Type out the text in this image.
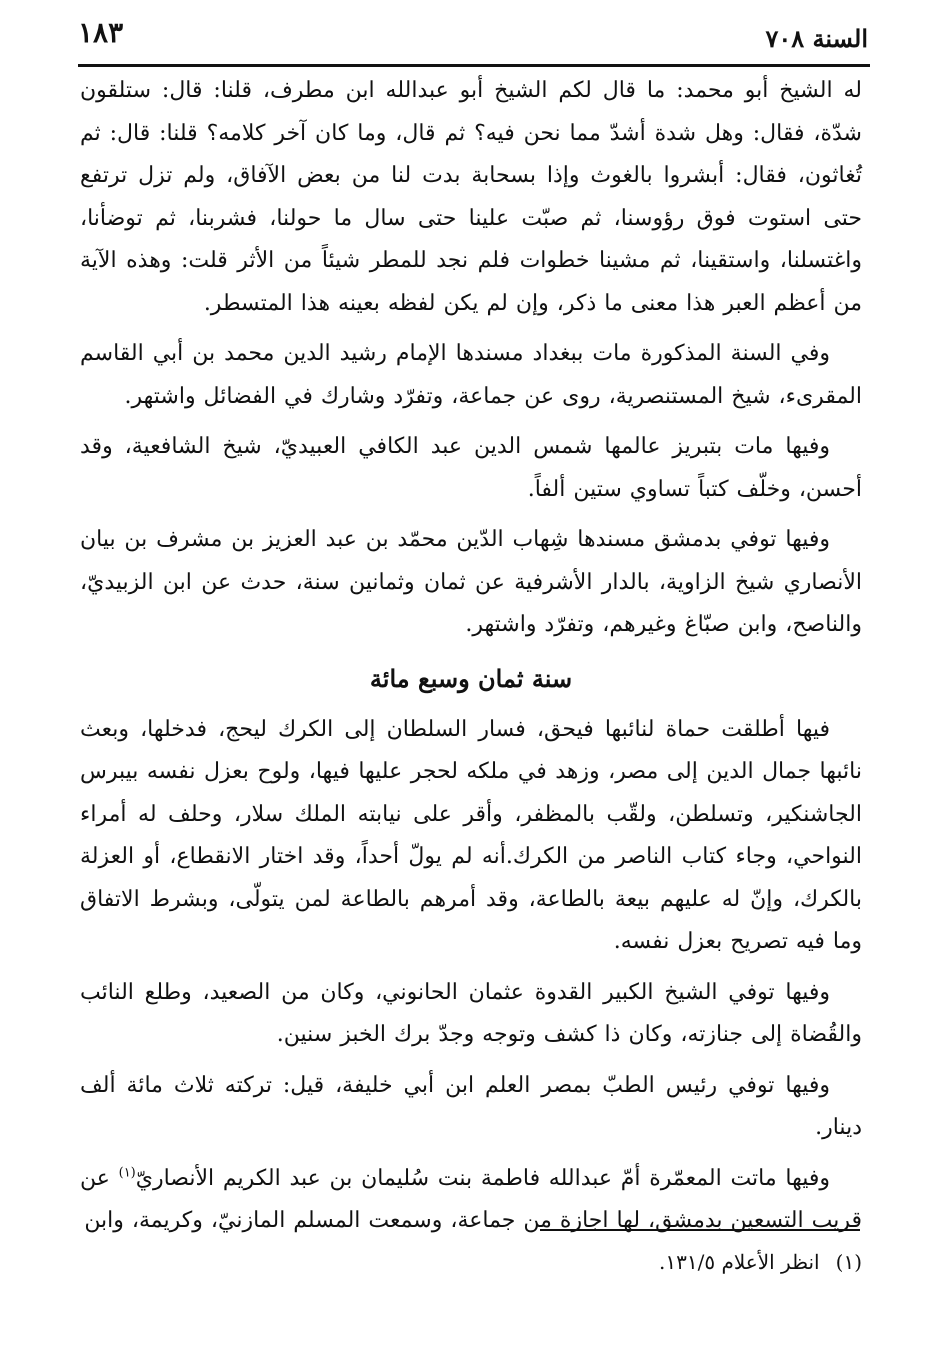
السنة ٧٠٨
١٨٣

له الشيخ أبو محمد: ما قال لكم الشيخ أبو عبدالله ابن مطرف، قلنا: قال: ستلقون شدّة، فقال: وهل شدة أشدّ مما نحن فيه؟ ثم قال، وما كان آخر كلامه؟ قلنا: قال: ثم تُغاثون، فقال: أبشروا بالغوث وإذا بسحابة بدت لنا من بعض الآفاق، ولم تزل ترتفع حتى استوت فوق رؤوسنا، ثم صبّت علينا حتى سال ما حولنا، فشربنا، ثم توضأنا، واغتسلنا، واستقينا، ثم مشينا خطوات فلم نجد للمطر شيئاً من الأثر قلت: وهذه الآية من أعظم العبر هذا معنى ما ذكر، وإن لم يكن لفظه بعينه هذا المتسطر.

وفي السنة المذكورة مات ببغداد مسندها الإمام رشيد الدين محمد بن أبي القاسم المقرىء، شيخ المستنصرية، روى عن جماعة، وتفرّد وشارك في الفضائل واشتهر.

وفيها مات بتبريز عالمها شمس الدين عبد الكافي العبيديّ، شيخ الشافعية، وقد أحسن، وخلّف كتباً تساوي ستين ألفاً.

وفيها توفي بدمشق مسندها شِهاب الدّين محمّد بن عبد العزيز بن مشرف بن بيان الأنصاري شيخ الزاوية، بالدار الأشرفية عن ثمان وثمانين سنة، حدث عن ابن الزبيديّ، والناصح، وابن صبّاغ وغيرهم، وتفرّد واشتهر.

سنة ثمان وسبع مائة

فيها أطلقت حماة لنائبها فيحق، فسار السلطان إلى الكرك ليحج، فدخلها، وبعث نائبها جمال الدين إلى مصر، وزهد في ملكه لحجر عليها فيها، ولوح بعزل نفسه بيبرس الجاشنكير، وتسلطن، ولقّب بالمظفر، وأقر على نيابته الملك سلار، وحلف له أمراء النواحي، وجاء كتاب الناصر من الكرك.أنه لم يولّ أحداً، وقد اختار الانقطاع، أو العزلة بالكرك، وإنّ له عليهم بيعة بالطاعة، وقد أمرهم بالطاعة لمن يتولّى، وبشرط الاتفاق وما فيه تصريح بعزل نفسه.

وفيها توفي الشيخ الكبير القدوة عثمان الحانوني، وكان من الصعيد، وطلع النائب والقُضاة إلى جنازته، وكان ذا كشف وتوجه وجدّ برك الخبز سنين.

وفيها توفي رئيس الطبّ بمصر العلم ابن أبي خليفة، قيل: تركته ثلاث مائة ألف دينار.

وفيها ماتت المعمّرة أمّ عبدالله فاطمة بنت سُليمان بن عبد الكريم الأنصاريّ$^{(١)}$ عن قريب التسعين بدمشق، لها اجازة من جماعة، وسمعت المسلم المازنيّ، وكريمة، وابن

(١)انظر الأعلام ١٣١/٥.
